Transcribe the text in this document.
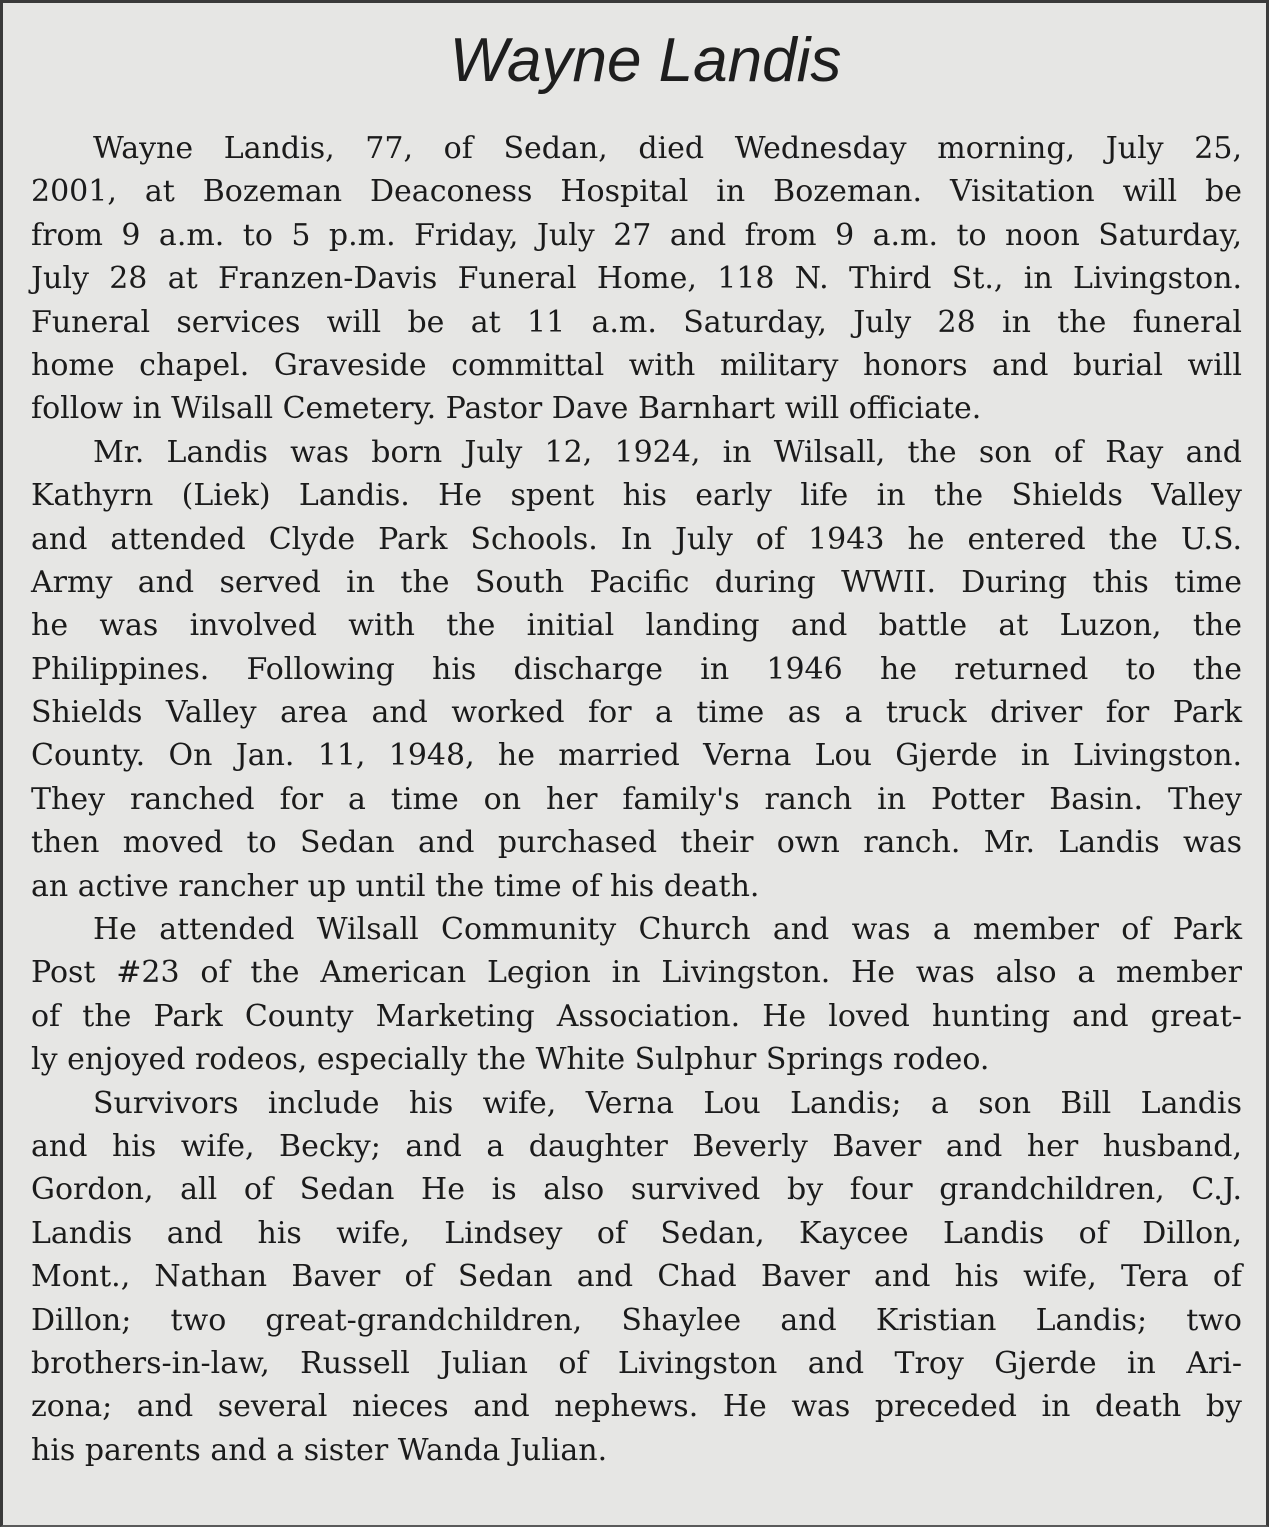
Wayne Landis
Wayne Landis, 77, of Sedan, died Wednesday morning, July 25,
2001, at Bozeman Deaconess Hospital in Bozeman. Visitation will be
from 9 a.m. to 5 p.m. Friday, July 27 and from 9 a.m. to noon Saturday,
July 28 at Franzen-Davis Funeral Home, 118 N. Third St., in Livingston.
Funeral services will be at 11 a.m. Saturday, July 28 in the funeral
home chapel. Graveside committal with military honors and burial will
follow in Wilsall Cemetery. Pastor Dave Barnhart will officiate.
Mr. Landis was born July 12, 1924, in Wilsall, the son of Ray and
Kathyrn (Liek) Landis. He spent his early life in the Shields Valley
and attended Clyde Park Schools. In July of 1943 he entered the U.S.
Army and served in the South Pacific during WWII. During this time
he was involved with the initial landing and battle at Luzon, the
Philippines. Following his discharge in 1946 he returned to the
Shields Valley area and worked for a time as a truck driver for Park
County. On Jan. 11, 1948, he married Verna Lou Gjerde in Livingston.
They ranched for a time on her family's ranch in Potter Basin. They
then moved to Sedan and purchased their own ranch. Mr. Landis was
an active rancher up until the time of his death.
He attended Wilsall Community Church and was a member of Park
Post #23 of the American Legion in Livingston. He was also a member
of the Park County Marketing Association. He loved hunting and great-
ly enjoyed rodeos, especially the White Sulphur Springs rodeo.
Survivors include his wife, Verna Lou Landis; a son Bill Landis
and his wife, Becky; and a daughter Beverly Baver and her husband,
Gordon, all of Sedan He is also survived by four grandchildren, C.J.
Landis and his wife, Lindsey of Sedan, Kaycee Landis of Dillon,
Mont., Nathan Baver of Sedan and Chad Baver and his wife, Tera of
Dillon; two great-grandchildren, Shaylee and Kristian Landis; two
brothers-in-law, Russell Julian of Livingston and Troy Gjerde in Ari-
zona; and several nieces and nephews. He was preceded in death by
his parents and a sister Wanda Julian.
